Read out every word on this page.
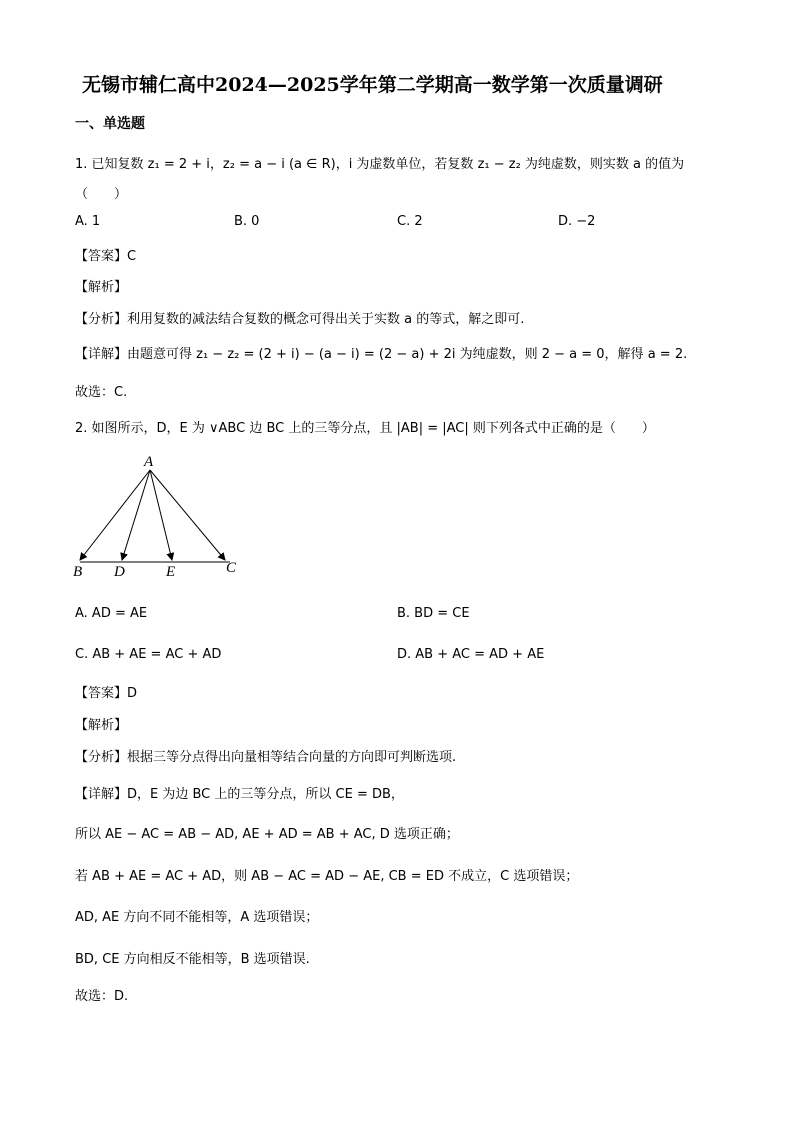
无锡市辅仁高中2024—2025学年第二学期高一数学第一次质量调研
一、单选题
1. 已知复数 z₁ = 2 + i，z₂ = a − i (a ∈ R)，i 为虚数单位，若复数 z₁ − z₂ 为纯虚数，则实数 a 的值为
（　　）
A. 1	B. 0	C. 2	D. −2
【答案】C
【解析】
【分析】利用复数的减法结合复数的概念可得出关于实数 a 的等式，解之即可.
【详解】由题意可得 z₁ − z₂ = (2 + i) − (a − i) = (2 − a) + 2i 为纯虚数，则 2 − a = 0，解得 a = 2.
故选：C.
2. 如图所示，D，E 为 ∨ABC 边 BC 上的三等分点，且 |AB| = |AC| 则下列各式中正确的是（　　）
A
B D	E	C
A. AD = AE	B. BD = CE
C. AB + AE = AC + AD	D. AB + AC = AD + AE
【答案】D
【解析】
【分析】根据三等分点得出向量相等结合向量的方向即可判断选项.
【详解】D，E 为边 BC 上的三等分点，所以 CE = DB，
所以 AE − AC = AB − AD, AE + AD = AB + AC, D 选项正确；
若 AB + AE = AC + AD，则 AB − AC = AD − AE, CB = ED 不成立，C 选项错误；
AD, AE 方向不同不能相等，A 选项错误；
BD, CE 方向相反不能相等，B 选项错误.
故选：D.
